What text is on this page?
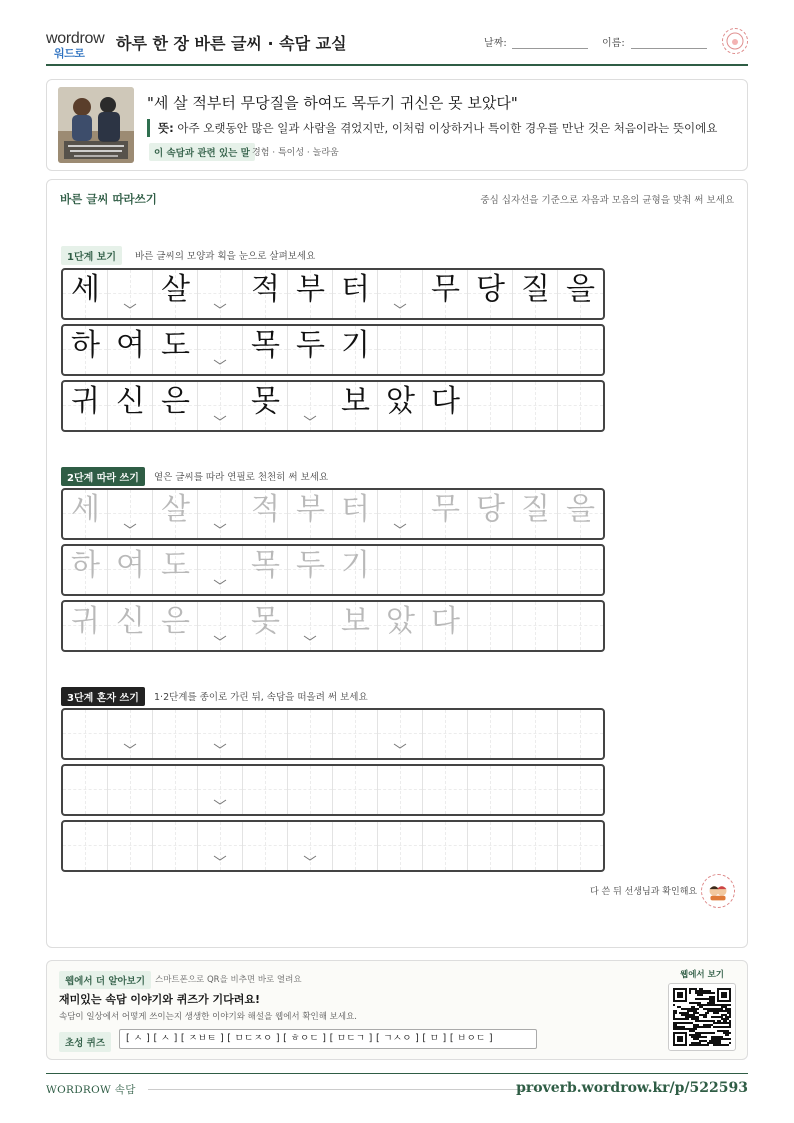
wordrow
워드로
하루 한 장 바른 글씨 · 속담 교실	날짜:	이름:
"세 살 적부터 무당질을 하여도 목두기 귀신은 못 보았다"
뜻: 아주 오랫동안 많은 일과 사람을 겪었지만, 이처럼 이상하거나 특이한 경우를 만난 것은 처음이라는 뜻이에요
이 속담과 관련 있는 말 경험 · 특이성 · 놀라움
바른 글씨 따라쓰기	중심 십자선을 기준으로 자음과 모음의 균형을 맞춰 써 보세요
1단계 보기	바른 글씨의 모양과 획을 눈으로 살펴보세요
세 살 적 부 터 무 당 질 을
하 여 도 목 두 기
귀 신 은 못 보 았 다
2단계 따라 쓰기	옅은 글씨를 따라 연필로 천천히 써 보세요
세 살 적 부 터 무 당 질 을
하 여 도 목 두 기
귀 신 은 못 보 았 다
3단계 혼자 쓰기	1·2단계를 종이로 가린 뒤, 속담을 떠올려 써 보세요
다 쓴 뒤 선생님과 확인해요
웹에서 더 알아보기	스마트폰으로 QR을 비추면 바로 열려요
재미있는 속담 이야기와 퀴즈가 기다려요!
속담이 일상에서 어떻게 쓰이는지 생생한 이야기와 해설을 웹에서 확인해 보세요.
초성 퀴즈	[ ㅅ ] [ ㅅ ] [ ㅈㅂㅌ ] [ ㅁㄷㅈㅇ ] [ ㅎㅇㄷ ] [ ㅁㄷㄱ ] [ ㄱㅅㅇ ] [ ㅁ ] [ ㅂㅇㄷ ]
웹에서 보기
WORDROW 속담	proverb.wordrow.kr/p/522593
